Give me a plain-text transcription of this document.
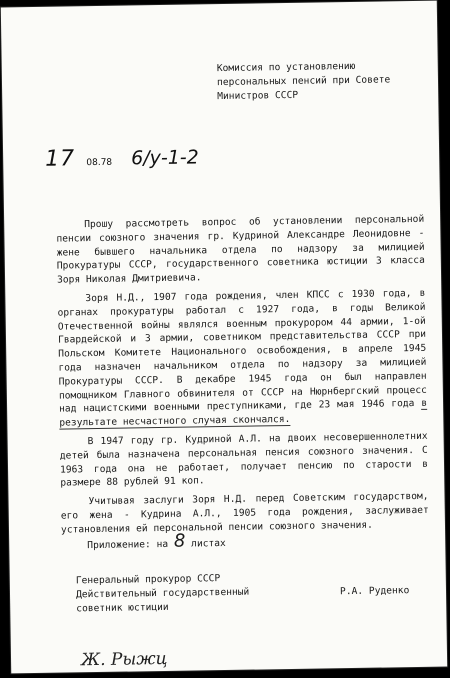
Комиссия по установлению
персональных пенсий при Совете
Министров СССР
17 08.78 6/у-1-2

Прошу рассмотреть вопрос об установлении персональной пенсии союзного значения гр. Кудриной Александре Леонидовне - жене бывшего начальника отдела по надзору за милицией Прокуратуры СССР, государственного советника юстиции 3 класса Зоря Николая Дмитриевича.

Зоря Н.Д., 1907 года рождения, член КПСС с 1930 года, в органах прокуратуры работал с 1927 года, в годы Великой Отечественной войны являлся военным прокурором 44 армии, 1-ой Гвардейской и 3 армии, советником представительства СССР при Польском Комитете Национального освобождения, в апреле 1945 года назначен начальником отдела по надзору за милицией Прокуратуры СССР. В декабре 1945 года он был направлен помощником Главного обвинителя от СССР на Нюрнбергский процесс над нацистскими военными преступниками, где 23 мая 1946 года в результате несчастного случая скончался.

В 1947 году гр. Кудриной А.Л. на двоих несовершеннолетних детей была назначена персональная пенсия союзного значения. С 1963 года она не работает, получает пенсию по старости в размере 88 рублей 91 коп.

Учитывая заслуги Зоря Н.Д. перед Советским государством, его жена - Кудрина А.Л., 1905 года рождения, заслуживает установления ей персональной пенсии союзного значения.

Приложение: на 8 листах
Генеральный прокурор СССР
Действительный государственный
советник юстиции
Р.А. Руденко
Ж. Рыжц
